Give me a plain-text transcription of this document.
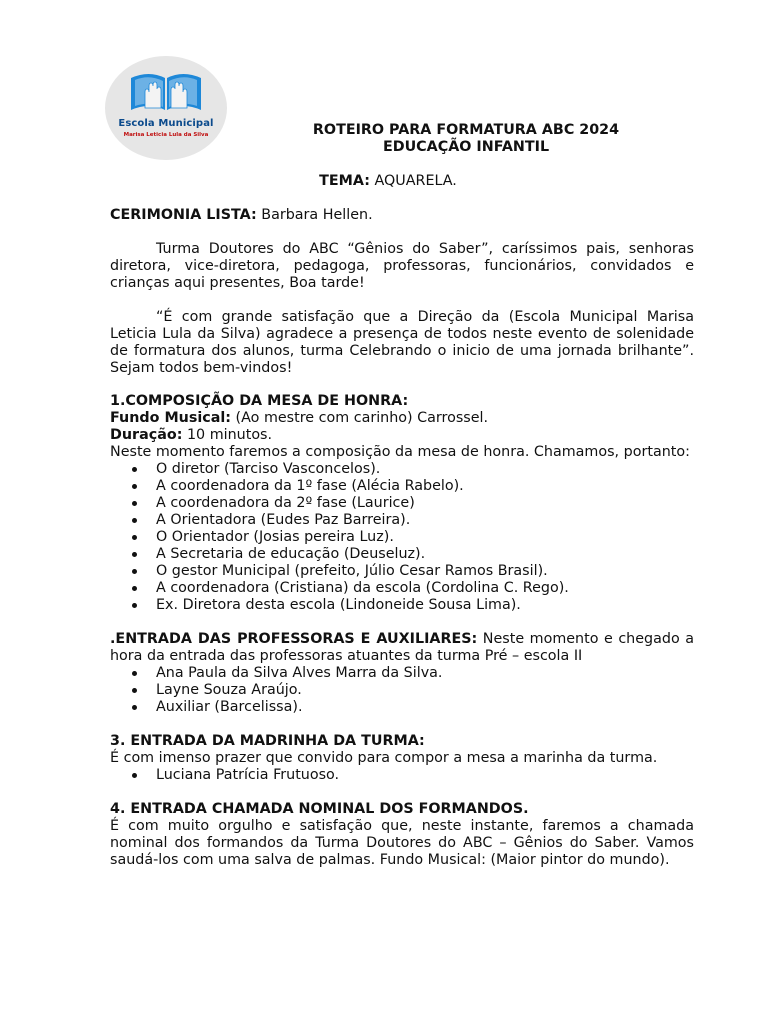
Escola Municipal
Marisa Leticia Lula da Silva	ROTEIRO PARA FORMATURA ABC 2024
EDUCAÇÃO INFANTIL
TEMA: AQUARELA.
CERIMONIA LISTA: Barbara Hellen.

Turma Doutores do ABC “Gênios do Saber”, caríssimos pais, senhoras diretora, vice-diretora, pedagoga, professoras, funcionários, convidados e crianças aqui presentes, Boa tarde!

“É com grande satisfação que a Direção da (Escola Municipal Marisa Leticia Lula da Silva) agradece a presença de todos neste evento de solenidade de formatura dos alunos, turma Celebrando o inicio de uma jornada brilhante”. Sejam todos bem-vindos!

1.COMPOSIÇÃO DA MESA DE HONRA:
Fundo Musical: (Ao mestre com carinho) Carrossel.
Duração: 10 minutos.

Neste momento faremos a composição da mesa de honra. Chamamos, portanto:

O diretor (Tarciso Vasconcelos).
A coordenadora da 1º fase (Alécia Rabelo).
A coordenadora da 2º fase (Laurice)
A Orientadora (Eudes Paz Barreira).
O Orientador (Josias pereira Luz).
A Secretaria de educação (Deuseluz).
O gestor Municipal (prefeito, Júlio Cesar Ramos Brasil).
A coordenadora (Cristiana) da escola (Cordolina C. Rego).
Ex. Diretora desta escola (Lindoneide Sousa Lima).

.ENTRADA DAS PROFESSORAS E AUXILIARES: Neste momento e chegado a hora da entrada das professoras atuantes da turma Pré – escola II

Ana Paula da Silva Alves Marra da Silva.
Layne Souza Araújo.
Auxiliar (Barcelissa).
3. ENTRADA DA MADRINHA DA TURMA:

É com imenso prazer que convido para compor a mesa a marinha da turma.

Luciana Patrícia Frutuoso.
4. ENTRADA CHAMADA NOMINAL DOS FORMANDOS.

É com muito orgulho e satisfação que, neste instante, faremos a chamada nominal dos formandos da Turma Doutores do ABC – Gênios do Saber. Vamos saudá-los com uma salva de palmas. Fundo Musical: (Maior pintor do mundo).
